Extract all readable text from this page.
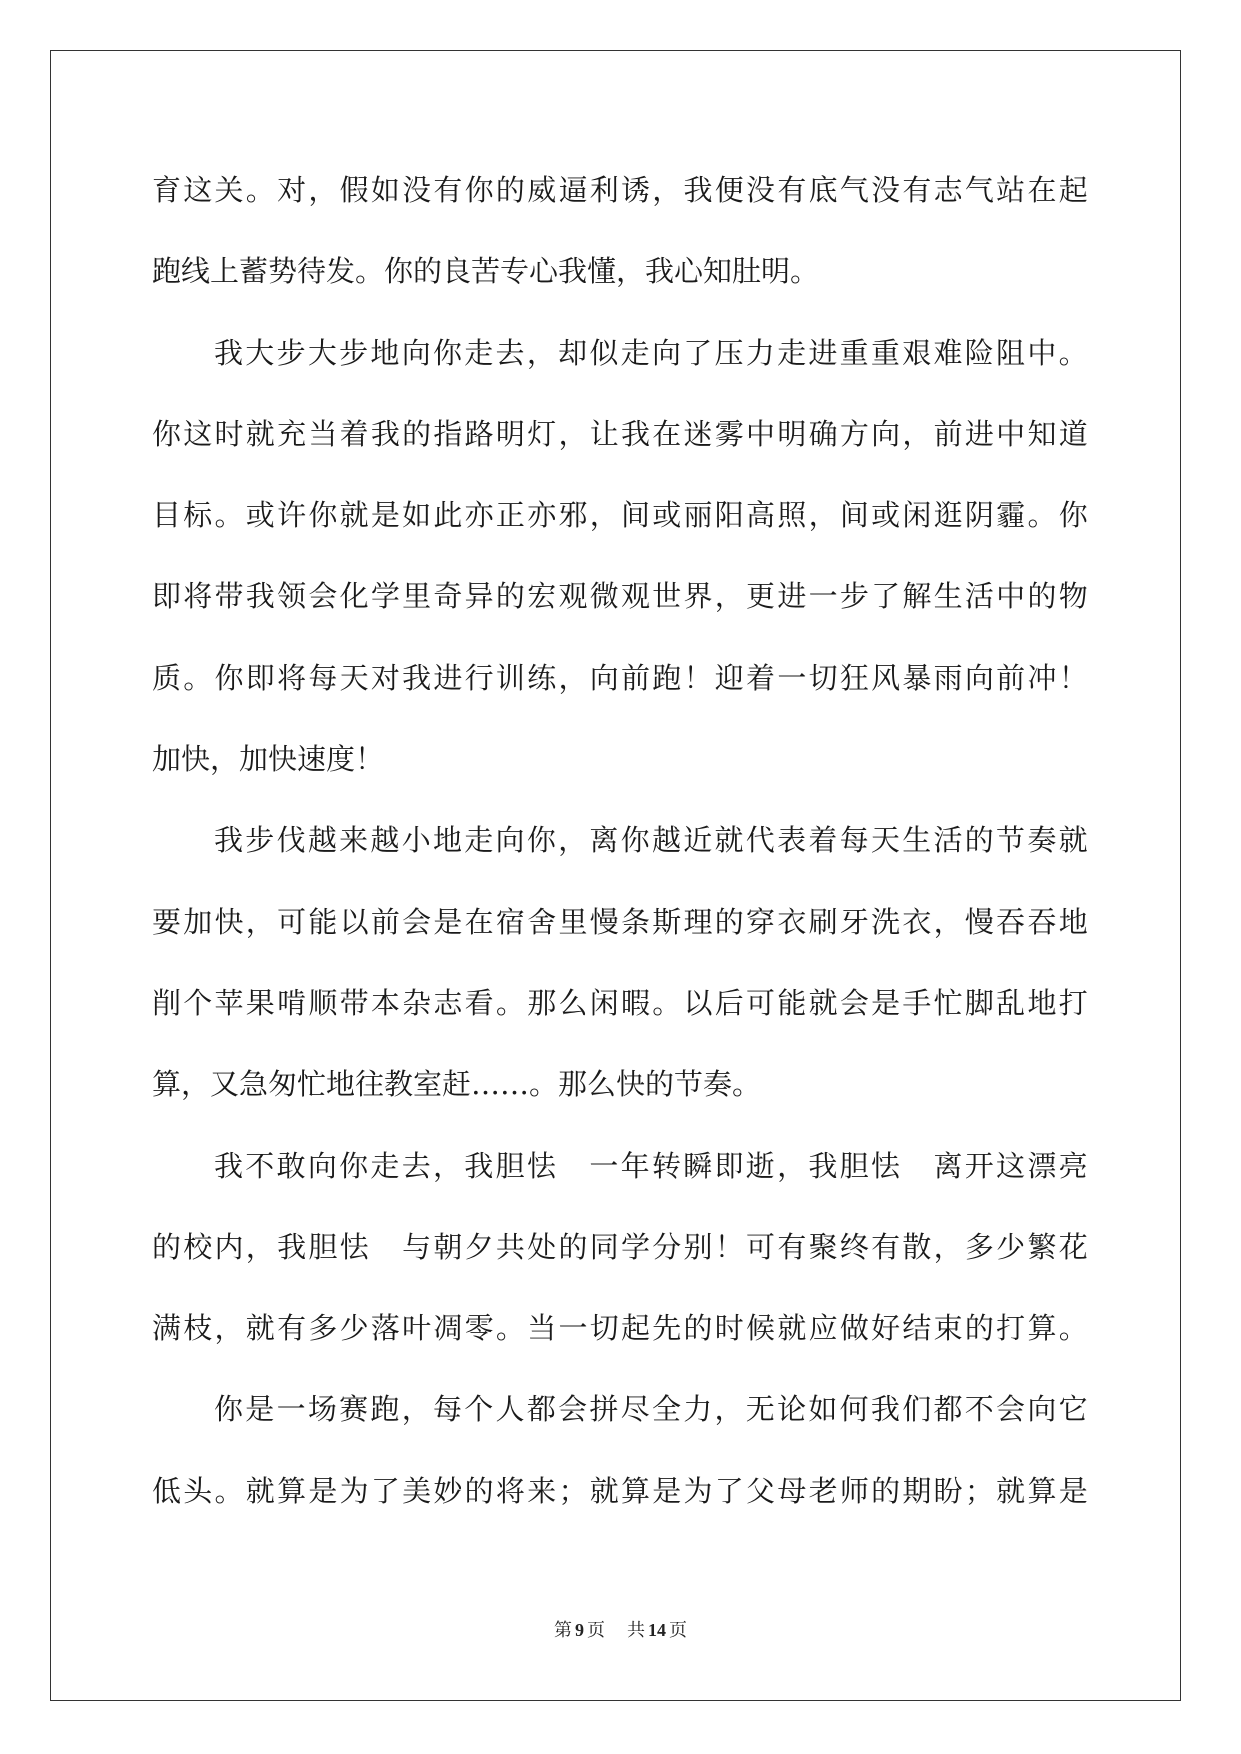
育 这 关 。 对 ， 假 如 没 有 你 的 威 逼 利 诱 ， 我 便 没 有 底 气 没 有 志 气 站 在 起
跑线上蓄势待发。你的良苦专心我懂，我心知肚明。
我 大 步 大 步 地 向 你 走 去 ， 却 似 走 向 了 压 力 走 进 重 重 艰 难 险 阻 中 。
你 这 时 就 充 当 着 我 的 指 路 明 灯 ， 让 我 在 迷 雾 中 明 确 方 向 ， 前 进 中 知 道
目 标 。 或 许 你 就 是 如 此 亦 正 亦 邪 ， 间 或 丽 阳 高 照 ， 间 或 闲 逛 阴 霾 。 你
即 将 带 我 领 会 化 学 里 奇 异 的 宏 观 微 观 世 界 ， 更 进 一 步 了 解 生 活 中 的 物
质 。 你 即 将 每 天 对 我 进 行 训 练 ， 向 前 跑 ！ 迎 着 一 切 狂 风 暴 雨 向 前 冲 ！
加快，加快速度！
我 步 伐 越 来 越 小 地 走 向 你 ， 离 你 越 近 就 代 表 着 每 天 生 活 的 节 奏 就
要 加 快 ， 可 能 以 前 会 是 在 宿 舍 里 慢 条 斯 理 的 穿 衣 刷 牙 洗 衣 ， 慢 吞 吞 地
削 个 苹 果 啃 顺 带 本 杂 志 看 。 那 么 闲 暇 。 以 后 可 能 就 会 是 手 忙 脚 乱 地 打
算，又急匆忙地往教室赶……。那么快的节奏。
我 不 敢 向 你 走 去 ， 我 胆 怯
　 一 年 转 瞬 即 逝 ， 我 胆 怯
　 离 开 这 漂 亮
的 校 内 ， 我 胆 怯
　 与 朝 夕 共 处 的 同 学 分 别 ！ 可 有 聚 终 有 散 ， 多 少 繁 花
满 枝 ， 就 有 多 少 落 叶 凋 零 。 当 一 切 起 先 的 时 候 就 应 做 好 结 束 的 打 算 。
你 是 一 场 赛 跑 ， 每 个 人 都 会 拼 尽 全 力 ， 无 论 如 何 我 们 都 不 会 向 它
低 头 。 就 算 是 为 了 美 妙 的 将 来 ； 就 算 是 为 了 父 母 老 师 的 期 盼 ； 就 算 是
第 9 页 共 14 页
